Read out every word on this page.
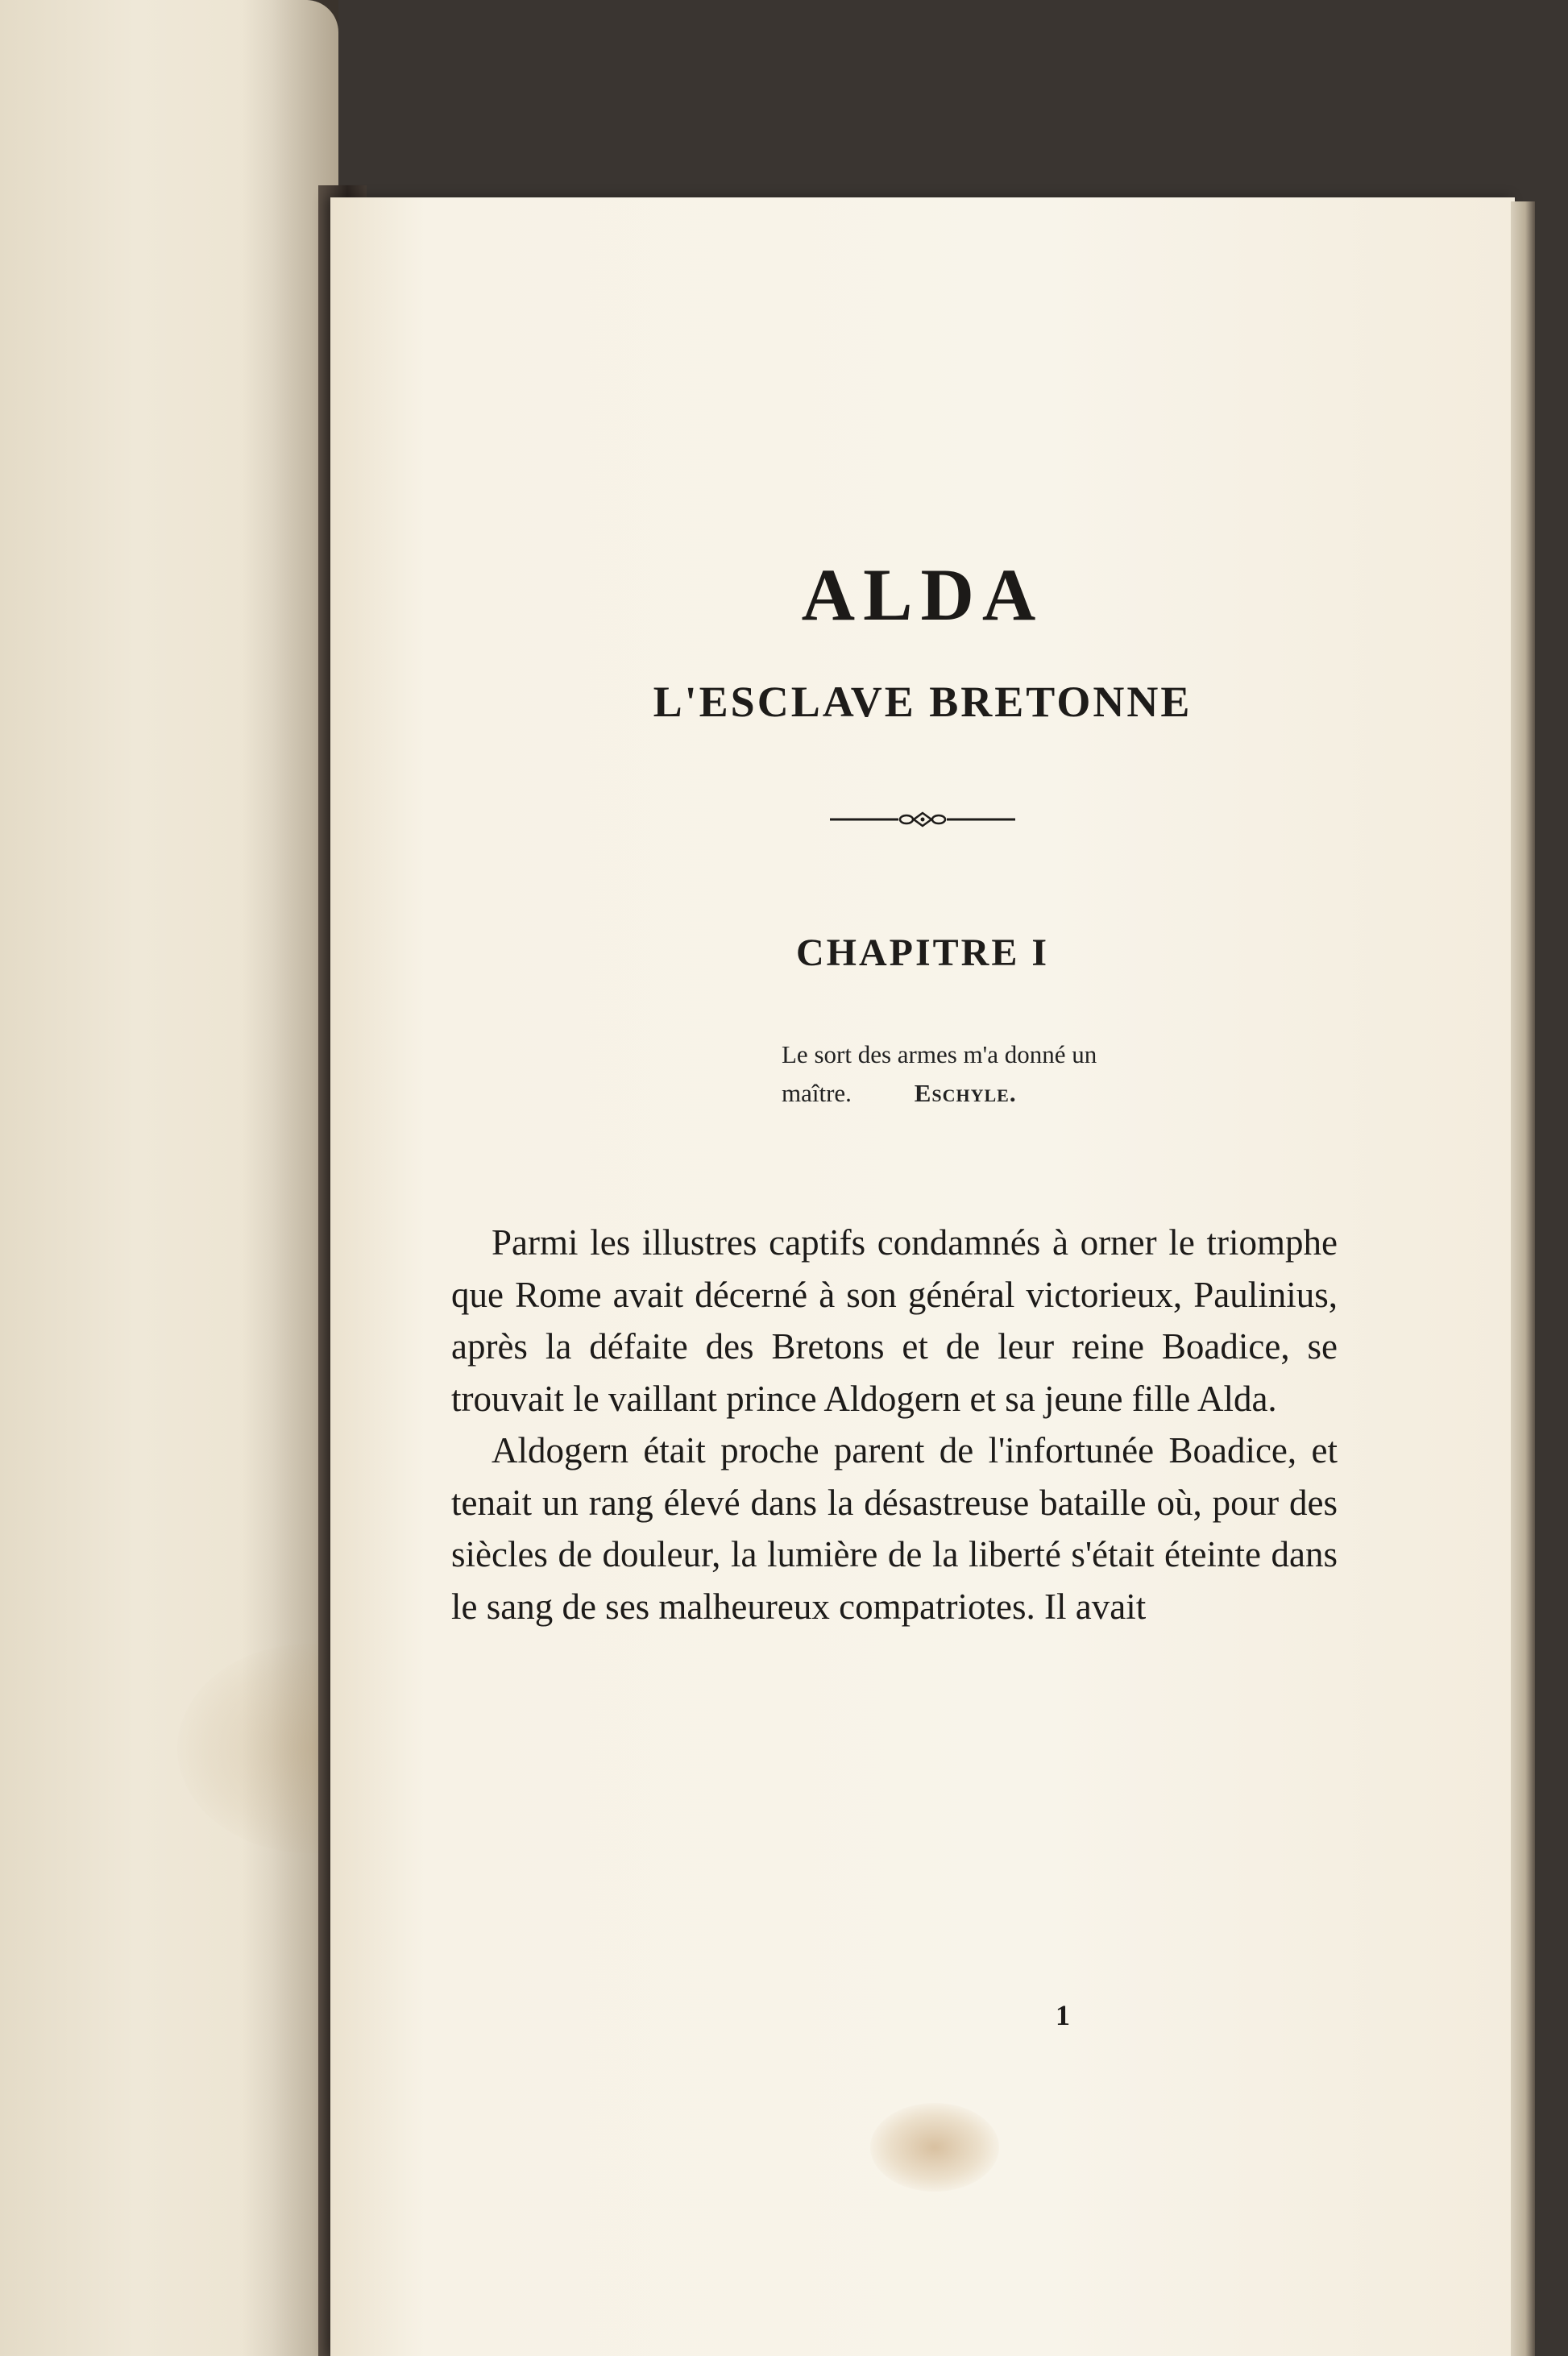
ALDA
L'ESCLAVE BRETONNE
CHAPITRE I
Le sort des armes m'a donné un
maître.	Eschyle.

Parmi les illustres captifs condamnés à orner le triomphe que Rome avait décerné à son général victorieux, Paulinius, après la défaite des Bretons et de leur reine Boadice, se trouvait le vaillant prince Aldogern et sa jeune fille Alda.

Aldogern était proche parent de l'infortunée Boadice, et tenait un rang élevé dans la désastreuse bataille où, pour des siècles de douleur, la lumière de la liberté s'était éteinte dans le sang de ses malheureux compatriotes. Il avait

1
